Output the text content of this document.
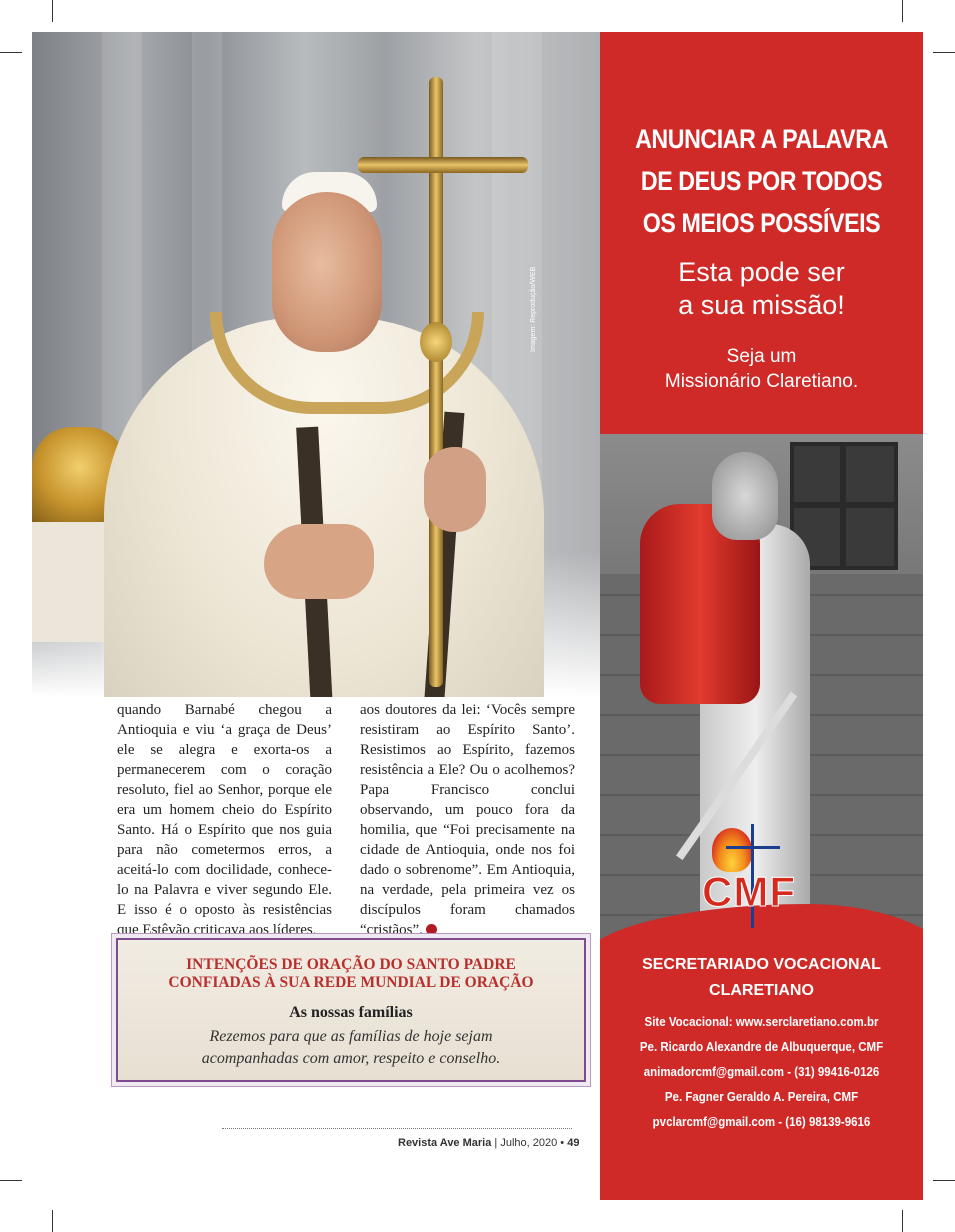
Imagem: Reprodução/WEB

quando Barnabé chegou a Antioquia e viu ‘a graça de Deus’ ele se alegra e exorta-os a permanecerem com o coração resoluto, fiel ao Senhor, porque ele era um homem cheio do Espírito Santo. Há o Espírito que nos guia para não cometermos erros, a aceitá-lo com docilidade, conhece-lo na Palavra e viver segundo Ele. E isso é o oposto às resistências que Estêvão criticava aos líderes,

aos doutores da lei: ‘Vocês sempre resistiram ao Espírito Santo’. Resistimos ao Espírito, fazemos resistência a Ele? Ou o acolhemos? Papa Francisco conclui observando, um pouco fora da homilia, que “Foi precisamente na cidade de Antioquia, onde nos foi dado o sobrenome”. Em Antioquia, na verdade, pela primeira vez os discípulos foram chamados “cristãos”.

INTENÇÕES DE ORAÇÃO DO SANTO PADRE
CONFIADAS À SUA REDE MUNDIAL DE ORAÇÃO
As nossas famílias
Rezemos para que as famílias de hoje sejam
acompanhadas com amor, respeito e conselho.
Revista Ave Maria | Julho, 2020 • 49
ANUNCIAR A PALAVRA
DE DEUS POR TODOS
OS MEIOS POSSÍVEIS
Esta pode ser
a sua missão!
Seja um
Missionário Claretiano.
CMF
SECRETARIADO VOCACIONAL
CLARETIANO
Site Vocacional: www.serclaretiano.com.br
Pe. Ricardo Alexandre de Albuquerque, CMF
animadorcmf@gmail.com - (31) 99416-0126
Pe. Fagner Geraldo A. Pereira, CMF
pvclarcmf@gmail.com - (16) 98139-9616
